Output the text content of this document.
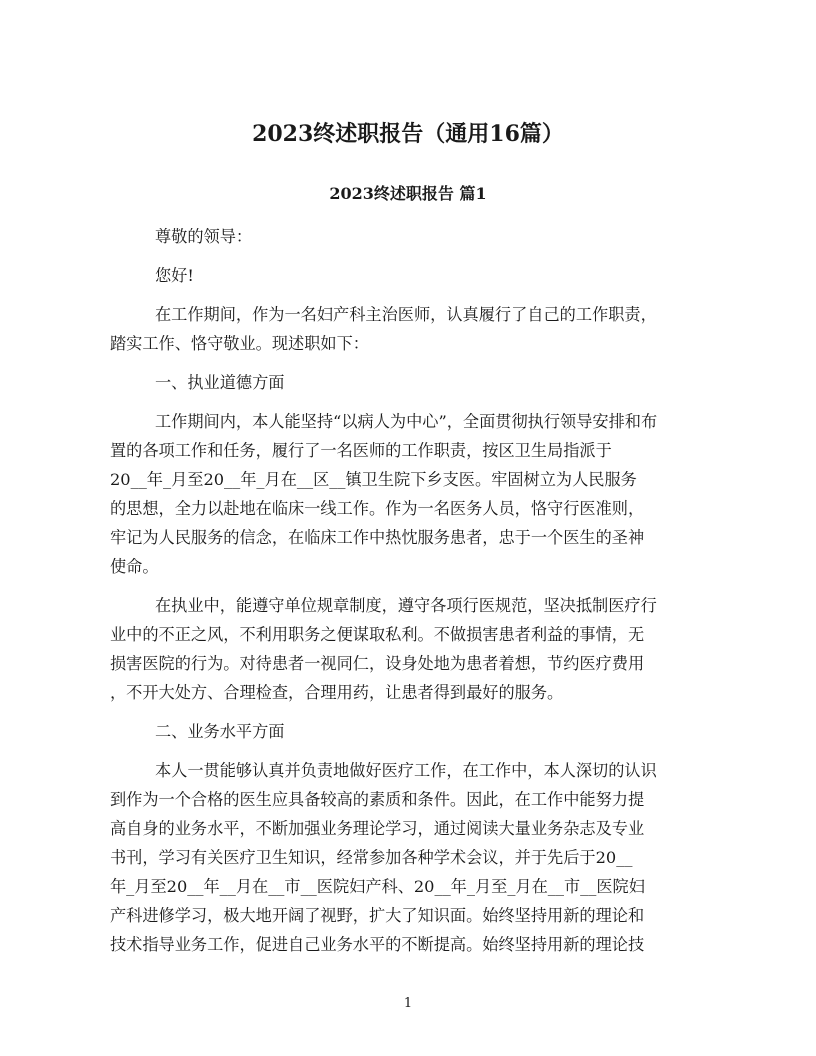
2023终述职报告（通用16篇）
2023终述职报告 篇1
尊敬的领导：
您好!
在工作期间，作为一名妇产科主治医师，认真履行了自己的工作职责，
踏实工作、恪守敬业。现述职如下：
一、执业道德方面
工作期间内，本人能坚持“以病人为中心”，全面贯彻执行领导安排和布
置的各项工作和任务，履行了一名医师的工作职责，按区卫生局指派于
20__年_月至20__年_月在__区__镇卫生院下乡支医。牢固树立为人民服务
的思想，全力以赴地在临床一线工作。作为一名医务人员，恪守行医准则，
牢记为人民服务的信念，在临床工作中热忱服务患者，忠于一个医生的圣神
使命。
在执业中，能遵守单位规章制度，遵守各项行医规范，坚决抵制医疗行
业中的不正之风，不利用职务之便谋取私利。不做损害患者利益的事情，无
损害医院的行为。对待患者一视同仁，设身处地为患者着想，节约医疗费用
，不开大处方、合理检查，合理用药，让患者得到最好的服务。
二、业务水平方面
本人一贯能够认真并负责地做好医疗工作，在工作中，本人深切的认识
到作为一个合格的医生应具备较高的素质和条件。因此，在工作中能努力提
高自身的业务水平，不断加强业务理论学习，通过阅读大量业务杂志及专业
书刊，学习有关医疗卫生知识，经常参加各种学术会议，并于先后于20__
年_月至20__年__月在__市__医院妇产科、20__年_月至_月在__市__医院妇
产科进修学习，极大地开阔了视野，扩大了知识面。始终坚持用新的理论和
技术指导业务工作，促进自己业务水平的不断提高。始终坚持用新的理论技
1
